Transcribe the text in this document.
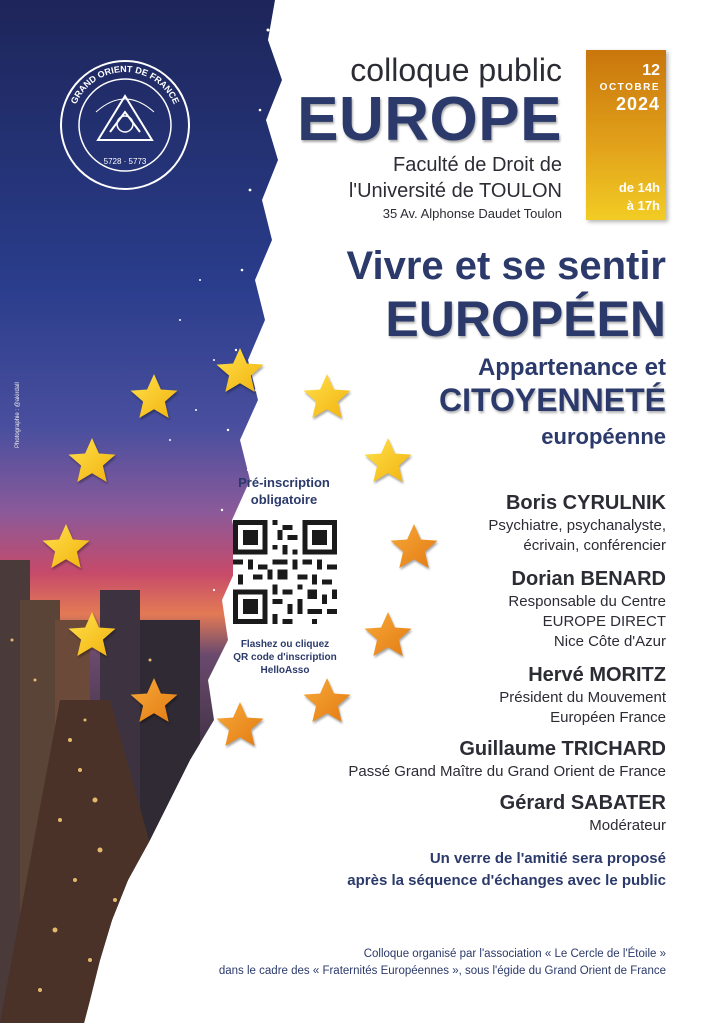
5728 · 5773
GRAND ORIENT DE FRANCE
Photographie : @akirdall
colloque public
EUROPE
Faculté de Droit de
l'Université de TOULON
35 Av. Alphonse Daudet Toulon
12
OCTOBRE
2024
de 14h
à 17h
Vivre et se sentir
EUROPÉEN
Appartenance et
CITOYENNETÉ
européenne
Pré-inscription
obligatoire
Flashez ou cliquez
QR code d'inscription
HelloAsso
Boris CYRULNIK
Psychiatre, psychanalyste,
écrivain, conférencier
Dorian BENARD
Responsable du Centre
EUROPE DIRECT
Nice Côte d'Azur
Hervé MORITZ
Président du Mouvement
Européen France
Guillaume TRICHARD
Passé Grand Maître du Grand Orient de France
Gérard SABATER
Modérateur
Un verre de l'amitié sera proposé
après la séquence d'échanges avec le public
Colloque organisé par l'association « Le Cercle de l'Étoile »
dans le cadre des « Fraternités Européennes », sous l'égide du Grand Orient de France
